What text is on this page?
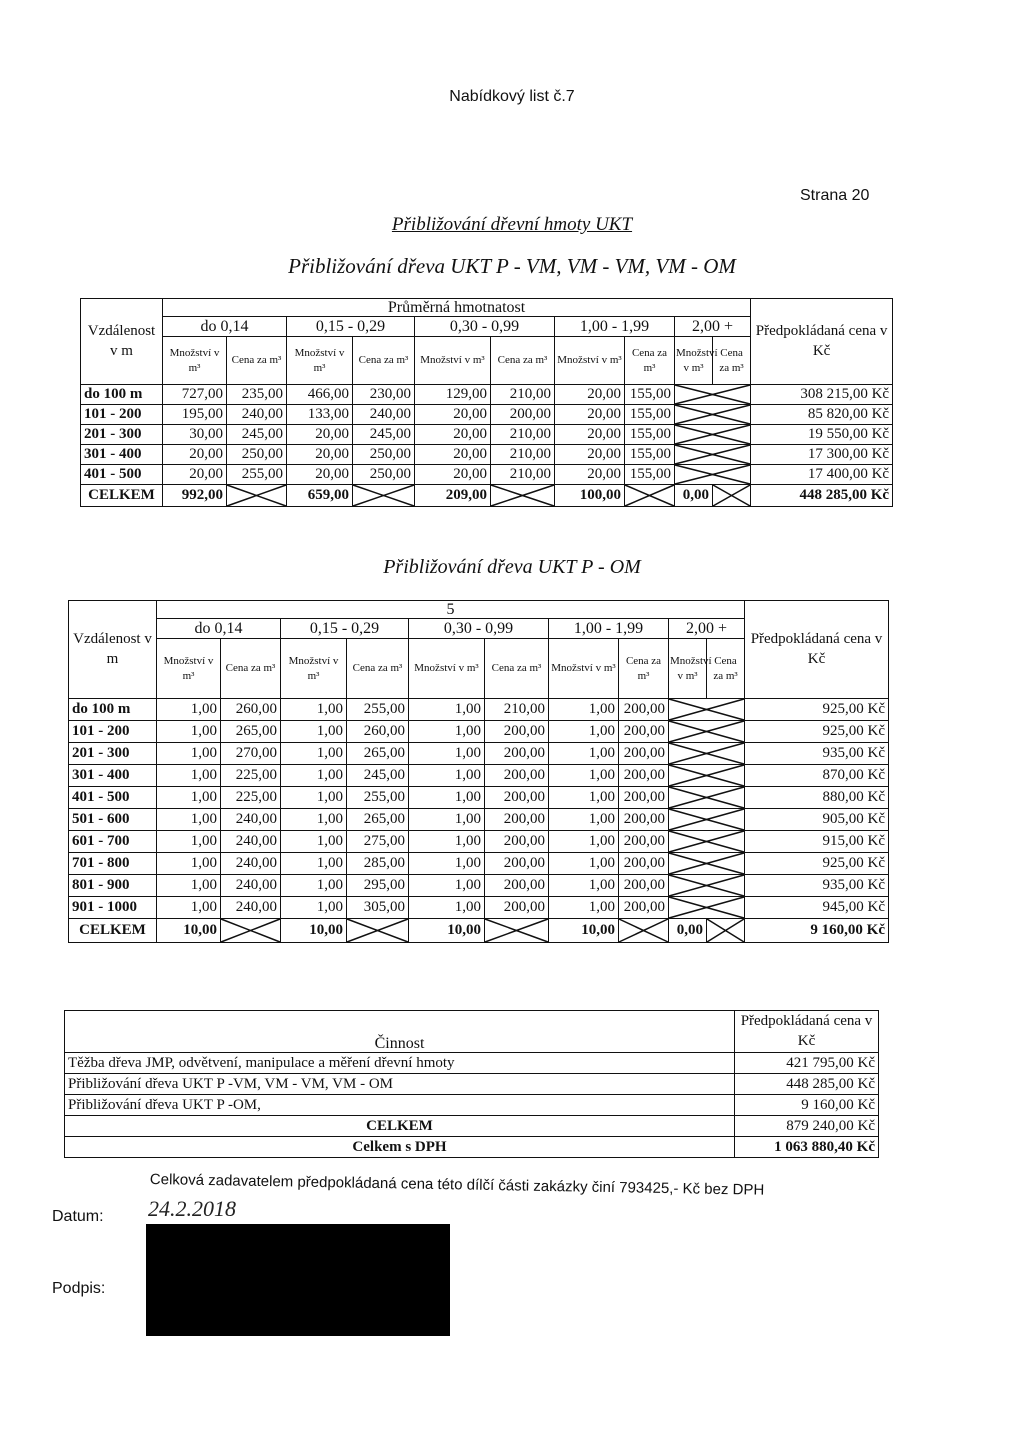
Nabídkový list č.7
Strana 20
Přibližování dřevní hmoty UKT
Přibližování dřeva UKT P - VM, VM - VM, VM - OM
Vzdálenost v m	Průměrná hmotnatost										Předpokládaná cena v Kč
	do 0,14		0,15 - 0,29		0,30 - 0,99		1,00 - 1,99		2,00 +		
	Množství v m³	Cena za m³	Množství v m³	Cena za m³	Množství v m³	Cena za m³	Množství v m³	Cena za m³	Množství v m³	Cena za m³	
do 100 m	727,00	235,00	466,00	230,00	129,00	210,00	20,00	155,00			308 215,00 Kč
101 - 200	195,00	240,00	133,00	240,00	20,00	200,00	20,00	155,00			85 820,00 Kč
201 - 300	30,00	245,00	20,00	245,00	20,00	210,00	20,00	155,00			19 550,00 Kč
301 - 400	20,00	250,00	20,00	250,00	20,00	210,00	20,00	155,00			17 300,00 Kč
401 - 500	20,00	255,00	20,00	250,00	20,00	210,00	20,00	155,00			17 400,00 Kč
CELKEM	992,00		659,00		209,00		100,00		0,00		448 285,00 Kč
Přibližování dřeva UKT P - OM
Vzdálenost v m	5										Předpokládaná cena v Kč
	do 0,14		0,15 - 0,29		0,30 - 0,99		1,00 - 1,99		2,00 +		
	Množství v m³	Cena za m³	Množství v m³	Cena za m³	Množství v m³	Cena za m³	Množství v m³	Cena za m³	Množství v m³	Cena za m³	
do 100 m	1,00	260,00	1,00	255,00	1,00	210,00	1,00	200,00			925,00 Kč
101 - 200	1,00	265,00	1,00	260,00	1,00	200,00	1,00	200,00			925,00 Kč
201 - 300	1,00	270,00	1,00	265,00	1,00	200,00	1,00	200,00			935,00 Kč
301 - 400	1,00	225,00	1,00	245,00	1,00	200,00	1,00	200,00			870,00 Kč
401 - 500	1,00	225,00	1,00	255,00	1,00	200,00	1,00	200,00			880,00 Kč
501 - 600	1,00	240,00	1,00	265,00	1,00	200,00	1,00	200,00			905,00 Kč
601 - 700	1,00	240,00	1,00	275,00	1,00	200,00	1,00	200,00			915,00 Kč
701 - 800	1,00	240,00	1,00	285,00	1,00	200,00	1,00	200,00			925,00 Kč
801 - 900	1,00	240,00	1,00	295,00	1,00	200,00	1,00	200,00			935,00 Kč
901 - 1000	1,00	240,00	1,00	305,00	1,00	200,00	1,00	200,00			945,00 Kč
CELKEM	10,00		10,00		10,00		10,00		0,00		9 160,00 Kč
Činnost	Předpokládaná cena v Kč
Těžba dřeva JMP, odvětvení, manipulace a měření dřevní hmoty	421 795,00 Kč
Přibližování dřeva UKT P -VM, VM - VM, VM - OM	448 285,00 Kč
Přibližování dřeva UKT P -OM,	9 160,00 Kč
CELKEM	879 240,00 Kč
Celkem s DPH	1 063 880,40 Kč
Celková zadavatelem předpokládaná cena této dílčí části zakázky činí 793425,- Kč bez DPH
Datum: 24.2.2018
Podpis:
